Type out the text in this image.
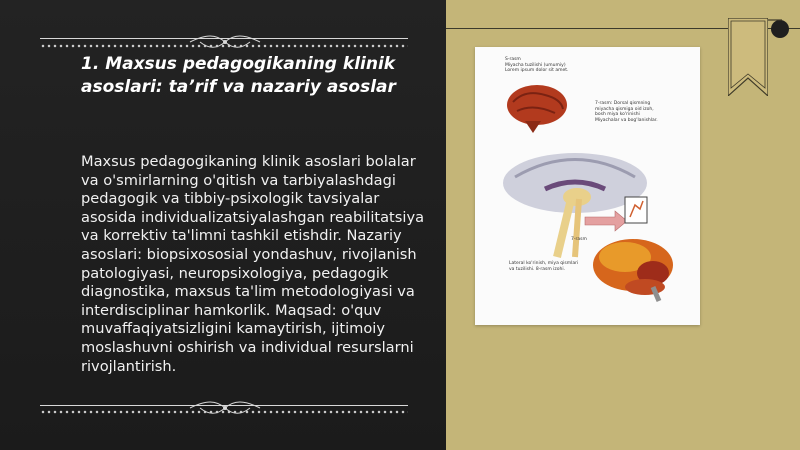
1. Maxsus pedagogikaning klinik asoslari: ta’rif va nazariy asoslar
Maxsus pedagogikaning klinik asoslari bolalar va o'smirlarning o'qitish va tarbiyalashdagi pedagogik va tibbiy-psixologik tavsiyalar asosida individualizatsiyalashgan reabilitatsiya va korrektiv ta'limni tashkil etishdir. Nazariy asoslari: biopsixososial yondashuv, rivojlanish patologiyasi, neuropsixologiya, pedagogik diagnostika, maxsus ta'lim metodologiyasi va interdisciplinar hamkorlik. Maqsad: o'quv muvaffaqiyatsizligini kamaytirish, ijtimoiy moslashuvni oshirish va individual resurslarni rivojlantirish.
S-rasm
Miyacha tuzilishi (umumiy)
Lorem ipsum dolor sit amet.
7-rasm: Dorsal qismning
miyacha qismiga oid izoh,
bosh miya ko'rinishi
Miyachalar va bog'lanishlar.
7-rasm
Lateral ko'rinish, miya qismlari
va tuzilishi. 8-rasm izohi.
